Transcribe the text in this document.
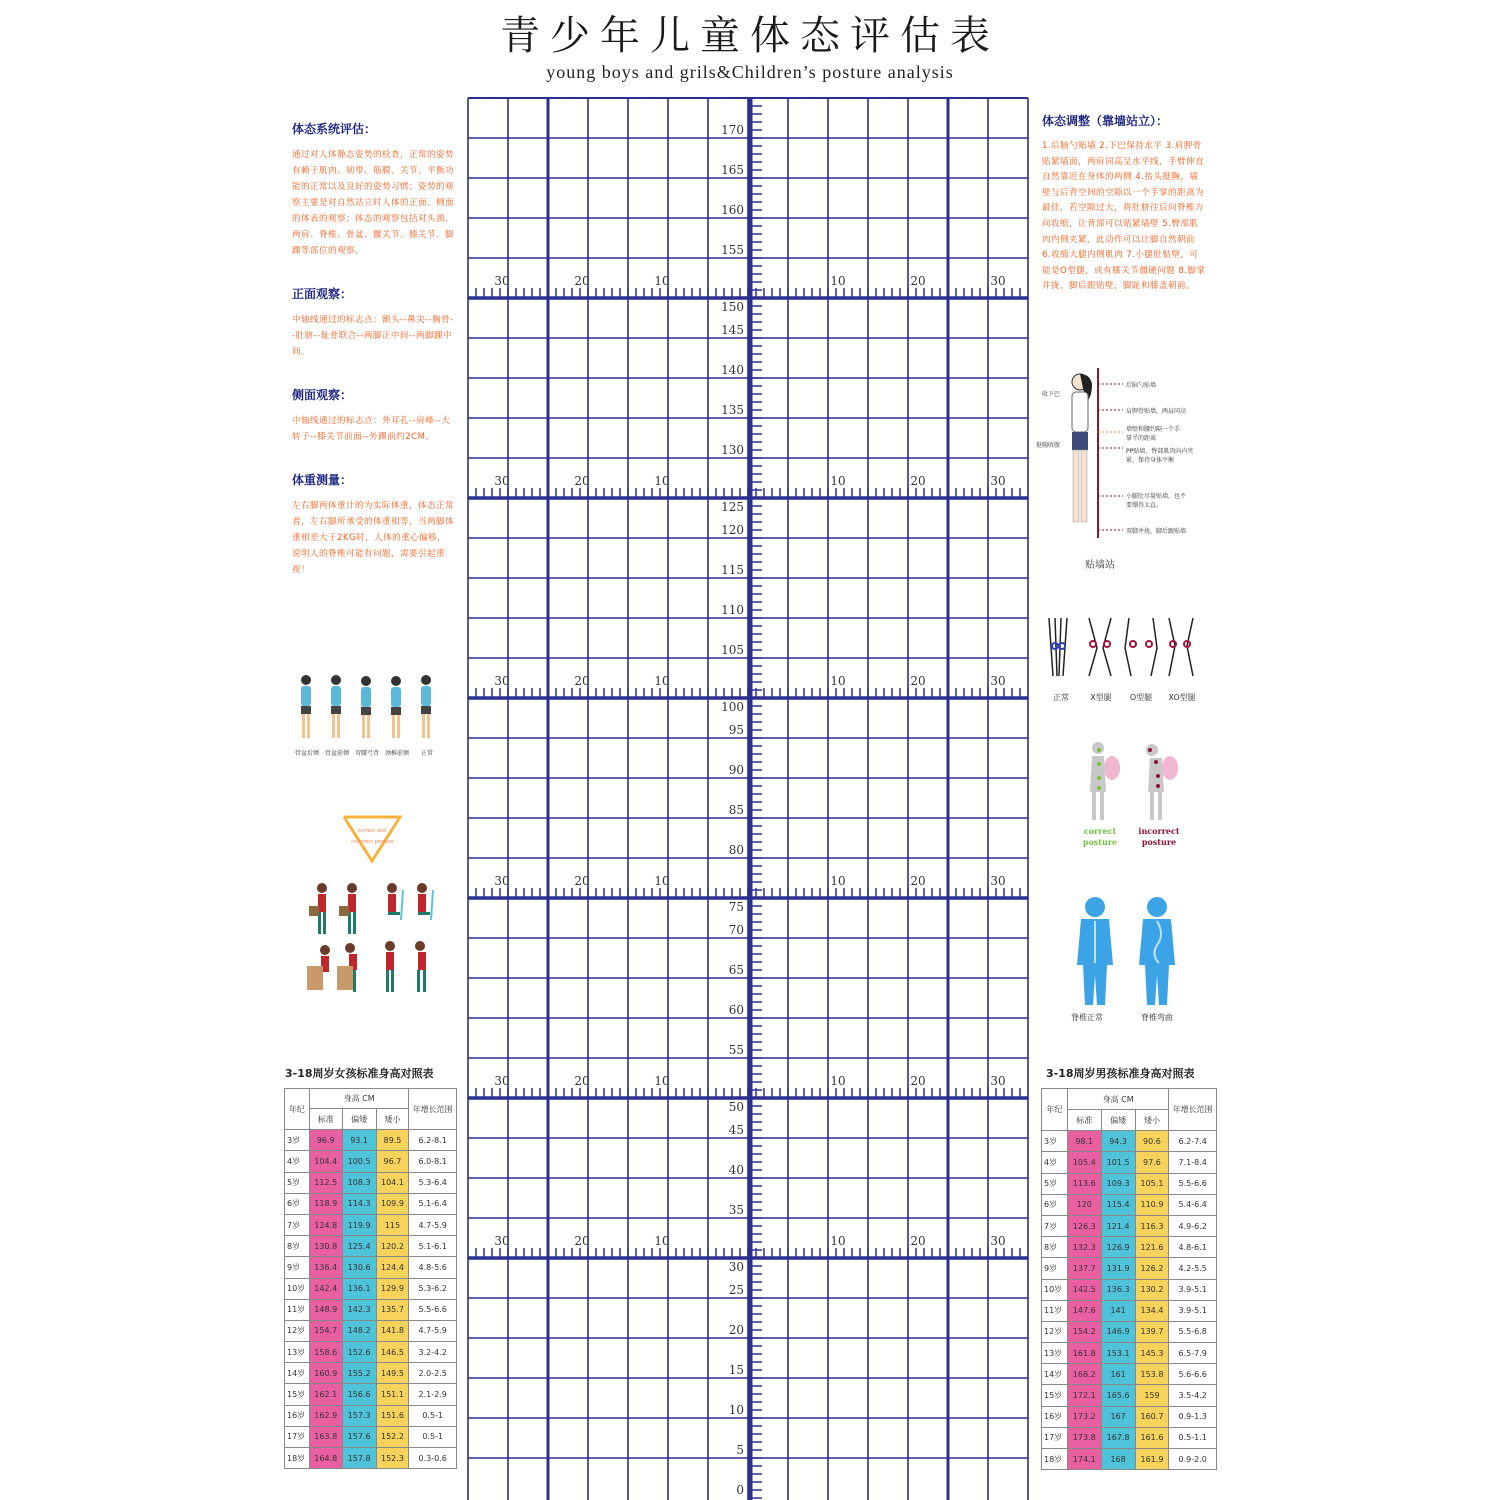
青少年儿童体态评估表
young boys and grils&Children’s posture analysis
体态系统评估：
通过对人体静态姿势的检查，正常的姿势有赖于肌肉、韧带、筋膜、关节、平衡功能的正常以及良好的姿势习惯；姿势的观察主要是对自然站立时人体的正面、侧面的体表的观察；体态的观察包括对头颈、两肩、脊椎、骨盆、髋关节、膝关节、脚踝等部位的观察。
正面观察：
中轴线通过的标志点：额头--鼻尖--胸骨--肚脐--耻骨联合--两脚正中间--两脚踝中间。
侧面观察：
中轴线通过的标志点：外耳孔--肩峰--大转子--膝关节前面--外踝前约2CM。
体重测量：
左右脚两体重计的为实际体重，体态正常者，左右脚所承受的体重相等，当两脚体重相差大于2KG时，人体的重心偏移，说明人的脊椎可能有问题，需要引起重视！
体态调整（靠墙站立）：
1.后脑勺贴墙 2.下巴保持水平 3.肩胛骨贴紧墙面，两肩同高呈水平线，手臂伸直自然靠近在身体的两侧 4.抬头挺胸，墙壁与后背空间的空隙以一个手掌的距离为最佳，若空隙过大，将肚脐往后向脊椎方向收缩，让背部可以贴紧墙壁 5.臀部肌肉内侧夹紧，此动作可以让脚自然朝前 6.收缩大腿内侧肌肉 7.小腿肚贴壁，可能是O型腿，或有膝关节僵硬问题 8.脚掌并拢，脚后跟贴壁，脚趾和膝盖朝前。
30	20	10	10	20	30
30	20	10	10	20	30
30	20	10	10	20	30
30	20	10	10	20	30
30	20	10	10	20	30
30	20	10	10	20	30
170
165
160
155
150
145
140
135
130
125
120
115
110
105
100
95
90
85
80
75
70
65
60
55
50
45
40
35
30
25
20
15
10
5
0
骨盆后倾 骨盆前倾 弯腰弓背 颈椎前倾	正常
correct and
incorrect posture
收下巴
挺胸收腹
后脑勺贴墙
肩胛骨贴墙，两肩同高
墙壁和腰约隔一个手掌半的距离
PP贴墙，臀部肌肉向内夹紧，保持身体平衡
小腿肚尽量贴墙，也不要绷得太直。
双脚并拢，脚后跟贴墙
贴墙站
正常	X型腿	O型腿	XO型腿
correct
posture
incorrect
posture
脊椎正常	脊椎弯曲
3-18周岁女孩标准身高对照表
年纪	身高 CM			年增长范围
	标准	偏矮	矮小	
3岁	96.9	93.1	89.5	6.2-8.1
4岁	104.4	100.5	96.7	6.0-8.1
5岁	112.5	108.3	104.1	5.3-6.4
6岁	118.9	114.3	109.9	5.1-6.4
7岁	124.8	119.9	115	4.7-5.9
8岁	130.8	125.4	120.2	5.1-6.1
9岁	136.4	130.6	124.4	4.8-5.6
10岁	142.4	136.1	129.9	5.3-6.2
11岁	148.9	142.3	135.7	5.5-6.6
12岁	154.7	148.2	141.8	4.7-5.9
13岁	158.6	152.6	146.5	3.2-4.2
14岁	160.9	155.2	149.5	2.0-2.5
15岁	162.1	156.6	151.1	2.1-2.9
16岁	162.9	157.3	151.6	0.5-1
17岁	163.8	157.6	152.2	0.5-1
18岁	164.8	157.8	152.3	0.3-0.6
3-18周岁男孩标准身高对照表
年纪	身高 CM			年增长范围
	标准	偏矮	矮小	
3岁	98.1	94.3	90.6	6.2-7.4
4岁	105.4	101.5	97.6	7.1-8.4
5岁	113.6	109.3	105.1	5.5-6.6
6岁	120	115.4	110.9	5.4-6.4
7岁	126.3	121.4	116.3	4.9-6.2
8岁	132.3	126.9	121.6	4.8-6.1
9岁	137.7	131.9	126.2	4.2-5.5
10岁	142.5	136.3	130.2	3.9-5.1
11岁	147.6	141	134.4	3.9-5.1
12岁	154.2	146.9	139.7	5.5-6.8
13岁	161.8	153.1	145.3	6.5-7.9
14岁	168.2	161	153.8	5.6-6.6
15岁	172.1	165.6	159	3.5-4.2
16岁	173.2	167	160.7	0.9-1.3
17岁	173.8	167.8	161.6	0.5-1.1
18岁	174.1	168	161.9	0.9-2.0
